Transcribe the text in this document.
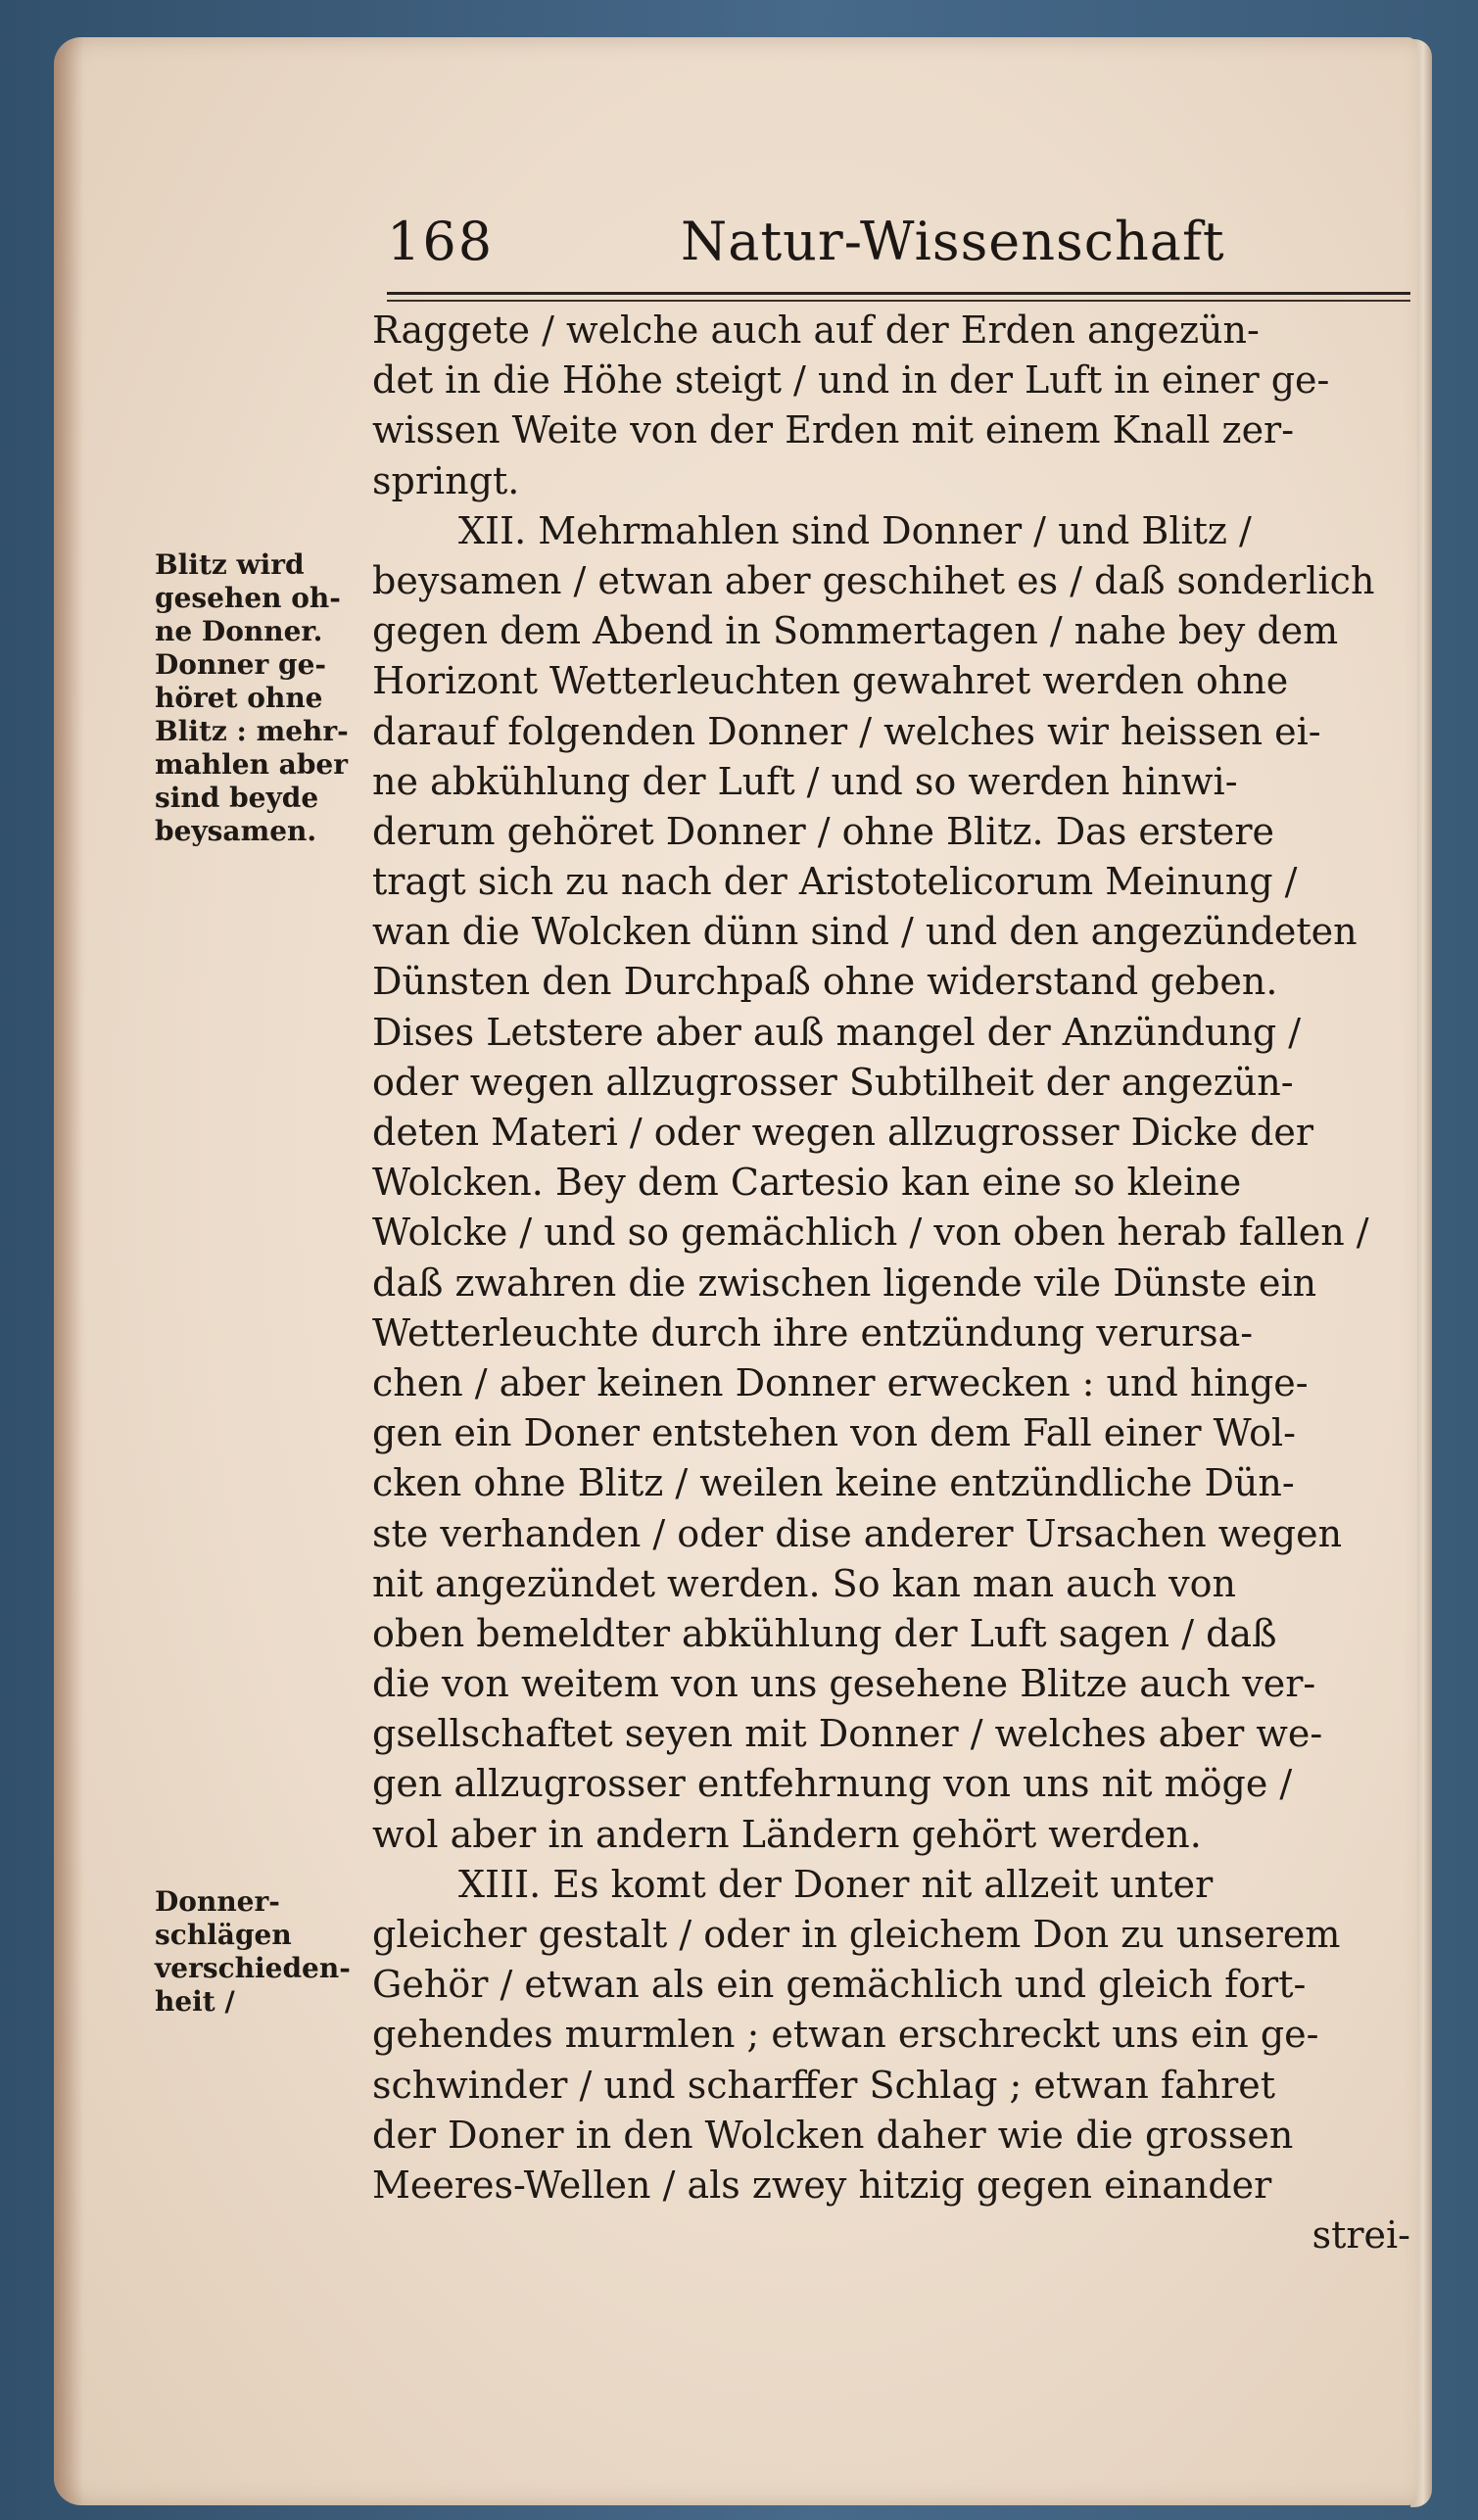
168	Natur-Wissenschaft
Raggete / welche auch auf der Erden angezün-
det in die Höhe steigt / und in der Luft in einer ge-
wissen Weite von der Erden mit einem Knall zer-
springt.
XII. Mehrmahlen sind Donner / und Blitz /
beysamen / etwan aber geschihet es / daß sonderlich
gegen dem Abend in Sommertagen / nahe bey dem
Horizont Wetterleuchten gewahret werden ohne
darauf folgenden Donner / welches wir heissen ei-
ne abkühlung der Luft / und so werden hinwi-
derum gehöret Donner / ohne Blitz. Das erstere
tragt sich zu nach der Aristotelicorum Meinung /
wan die Wolcken dünn sind / und den angezündeten
Dünsten den Durchpaß ohne widerstand geben.
Dises Letstere aber auß mangel der Anzündung /
oder wegen allzugrosser Subtilheit der angezün-
deten Materi / oder wegen allzugrosser Dicke der
Wolcken. Bey dem Cartesio kan eine so kleine
Wolcke / und so gemächlich / von oben herab fallen /
daß zwahren die zwischen ligende vile Dünste ein
Wetterleuchte durch ihre entzündung verursa-
chen / aber keinen Donner erwecken : und hinge-
gen ein Doner entstehen von dem Fall einer Wol-
cken ohne Blitz / weilen keine entzündliche Dün-
ste verhanden / oder dise anderer Ursachen wegen
nit angezündet werden. So kan man auch von
oben bemeldter abkühlung der Luft sagen / daß
die von weitem von uns gesehene Blitze auch ver-
gsellschaftet seyen mit Donner / welches aber we-
gen allzugrosser entfehrnung von uns nit möge /
wol aber in andern Ländern gehört werden.
XIII. Es komt der Doner nit allzeit unter
gleicher gestalt / oder in gleichem Don zu unserem
Gehör / etwan als ein gemächlich und gleich fort-
gehendes murmlen ; etwan erschreckt uns ein ge-
schwinder / und scharffer Schlag ; etwan fahret
der Doner in den Wolcken daher wie die grossen
Meeres-Wellen / als zwey hitzig gegen einander
strei-
Blitz wird
gesehen oh-
ne Donner.
Donner ge-
höret ohne
Blitz : mehr-
mahlen aber
sind beyde
beysamen.
Donner-
schlägen
verschieden-
heit /
